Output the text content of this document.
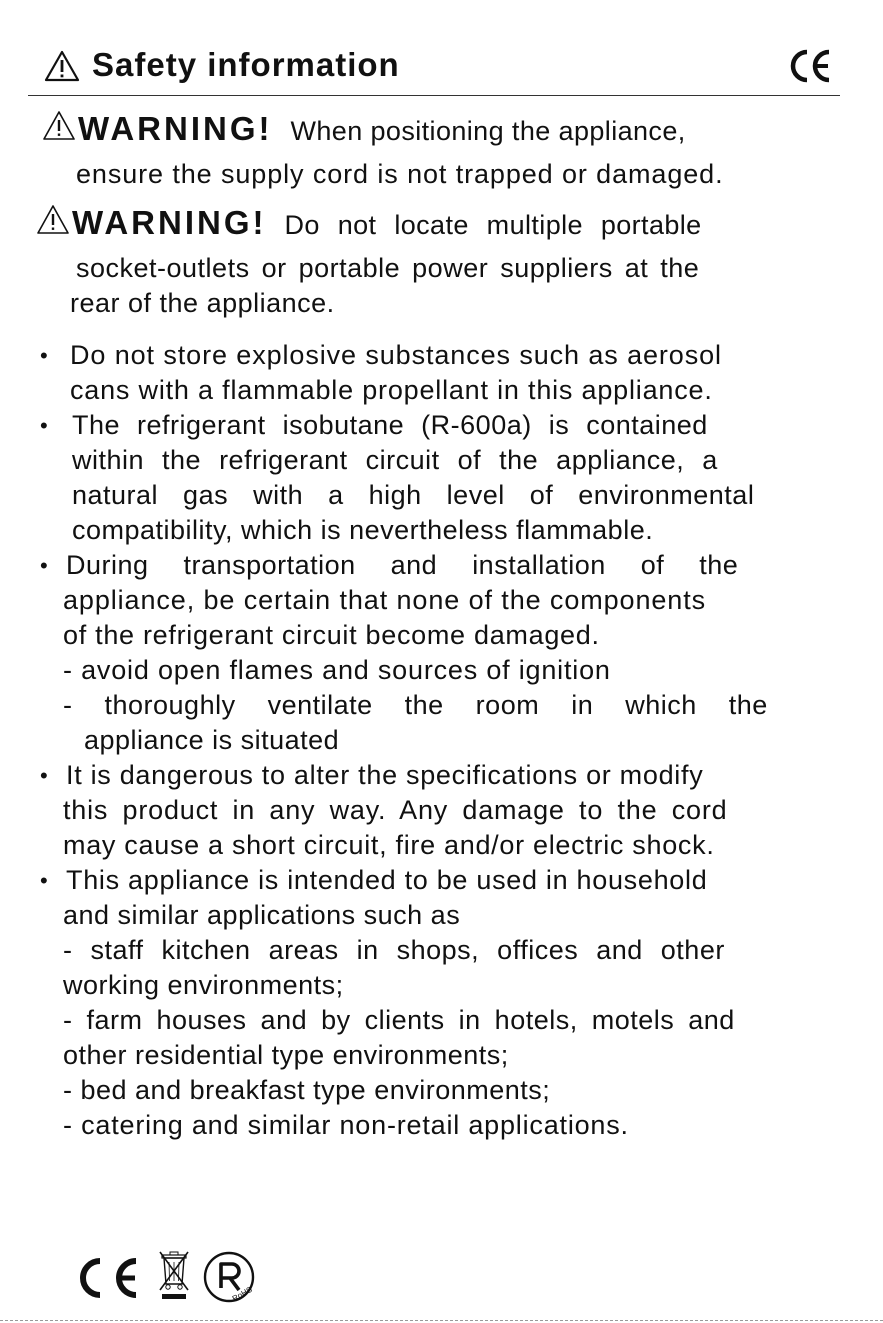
Safety information
WARNING! When positioning the appliance,
ensure the supply cord is not trapped or damaged.
WARNING! Do not locate multiple portable
socket-outlets or portable power suppliers at the
rear of the appliance.
• Do not store explosive substances such as aerosol
cans with a flammable propellant in this appliance.
• The refrigerant isobutane (R-600a) is contained
within the refrigerant circuit of the appliance, a
natural gas with a high level of environmental
compatibility, which is nevertheless flammable.
• During transportation and installation of the
appliance, be certain that none of the components
of the refrigerant circuit become damaged.
- avoid open flames and sources of ignition
- thoroughly ventilate the room in which the
appliance is situated
• It is dangerous to alter the specifications or modify
this product in any way. Any damage to the cord
may cause a short circuit, fire and/or electric shock.
• This appliance is intended to be used in household
and similar applications such as
- staff kitchen areas in shops, offices and other
working environments;
- farm houses and by clients in hotels, motels and
other residential type environments;
- bed and breakfast type environments;
- catering and similar non-retail applications.
RoHS
